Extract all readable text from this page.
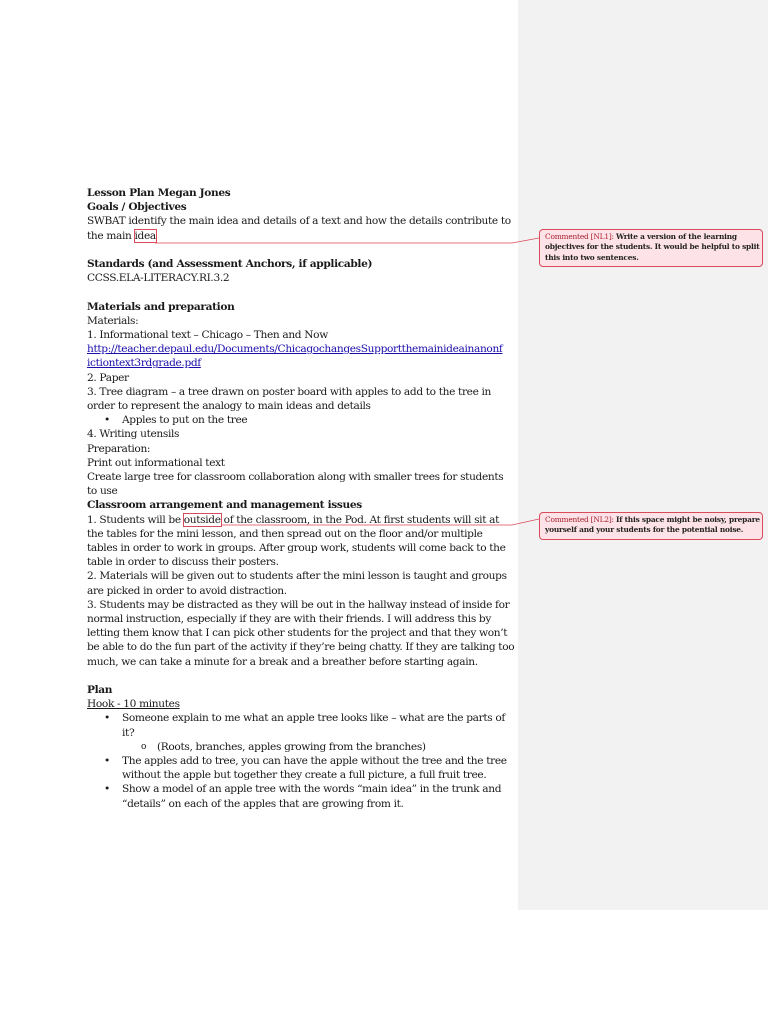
Lesson Plan Megan Jones
Goals / Objectives
SWBAT identify the main idea and details of a text and how the details contribute to
the main idea
Standards (and Assessment Anchors, if applicable)
CCSS.ELA-LITERACY.RI.3.2
Materials and preparation
Materials:
1. Informational text – Chicago – Then and Now
http://teacher.depaul.edu/Documents/ChicagochangesSupportthemainideainanonf
ictiontext3rdgrade.pdf
2. Paper
3. Tree diagram – a tree drawn on poster board with apples to add to the tree in
order to represent the analogy to main ideas and details
• Apples to put on the tree
4. Writing utensils
Preparation:
Print out informational text
Create large tree for classroom collaboration along with smaller trees for students
to use
Classroom arrangement and management issues
1. Students will be outside of the classroom, in the Pod. At first students will sit at
the tables for the mini lesson, and then spread out on the floor and/or multiple
tables in order to work in groups. After group work, students will come back to the
table in order to discuss their posters.
2. Materials will be given out to students after the mini lesson is taught and groups
are picked in order to avoid distraction.
3. Students may be distracted as they will be out in the hallway instead of inside for
normal instruction, especially if they are with their friends. I will address this by
letting them know that I can pick other students for the project and that they won’t
be able to do the fun part of the activity if they’re being chatty. If they are talking too
much, we can take a minute for a break and a breather before starting again.
Plan
Hook - 10 minutes
• Someone explain to me what an apple tree looks like – what are the parts of
it?
o (Roots, branches, apples growing from the branches)
• The apples add to tree, you can have the apple without the tree and the tree
without the apple but together they create a full picture, a full fruit tree.
• Show a model of an apple tree with the words “main idea” in the trunk and
“details” on each of the apples that are growing from it.
Commented [NL1]: Write a version of the learning
objectives for the students. It would be helpful to split
this into two sentences.
Commented [NL2]: If this space might be noisy, prepare
yourself and your students for the potential noise.
